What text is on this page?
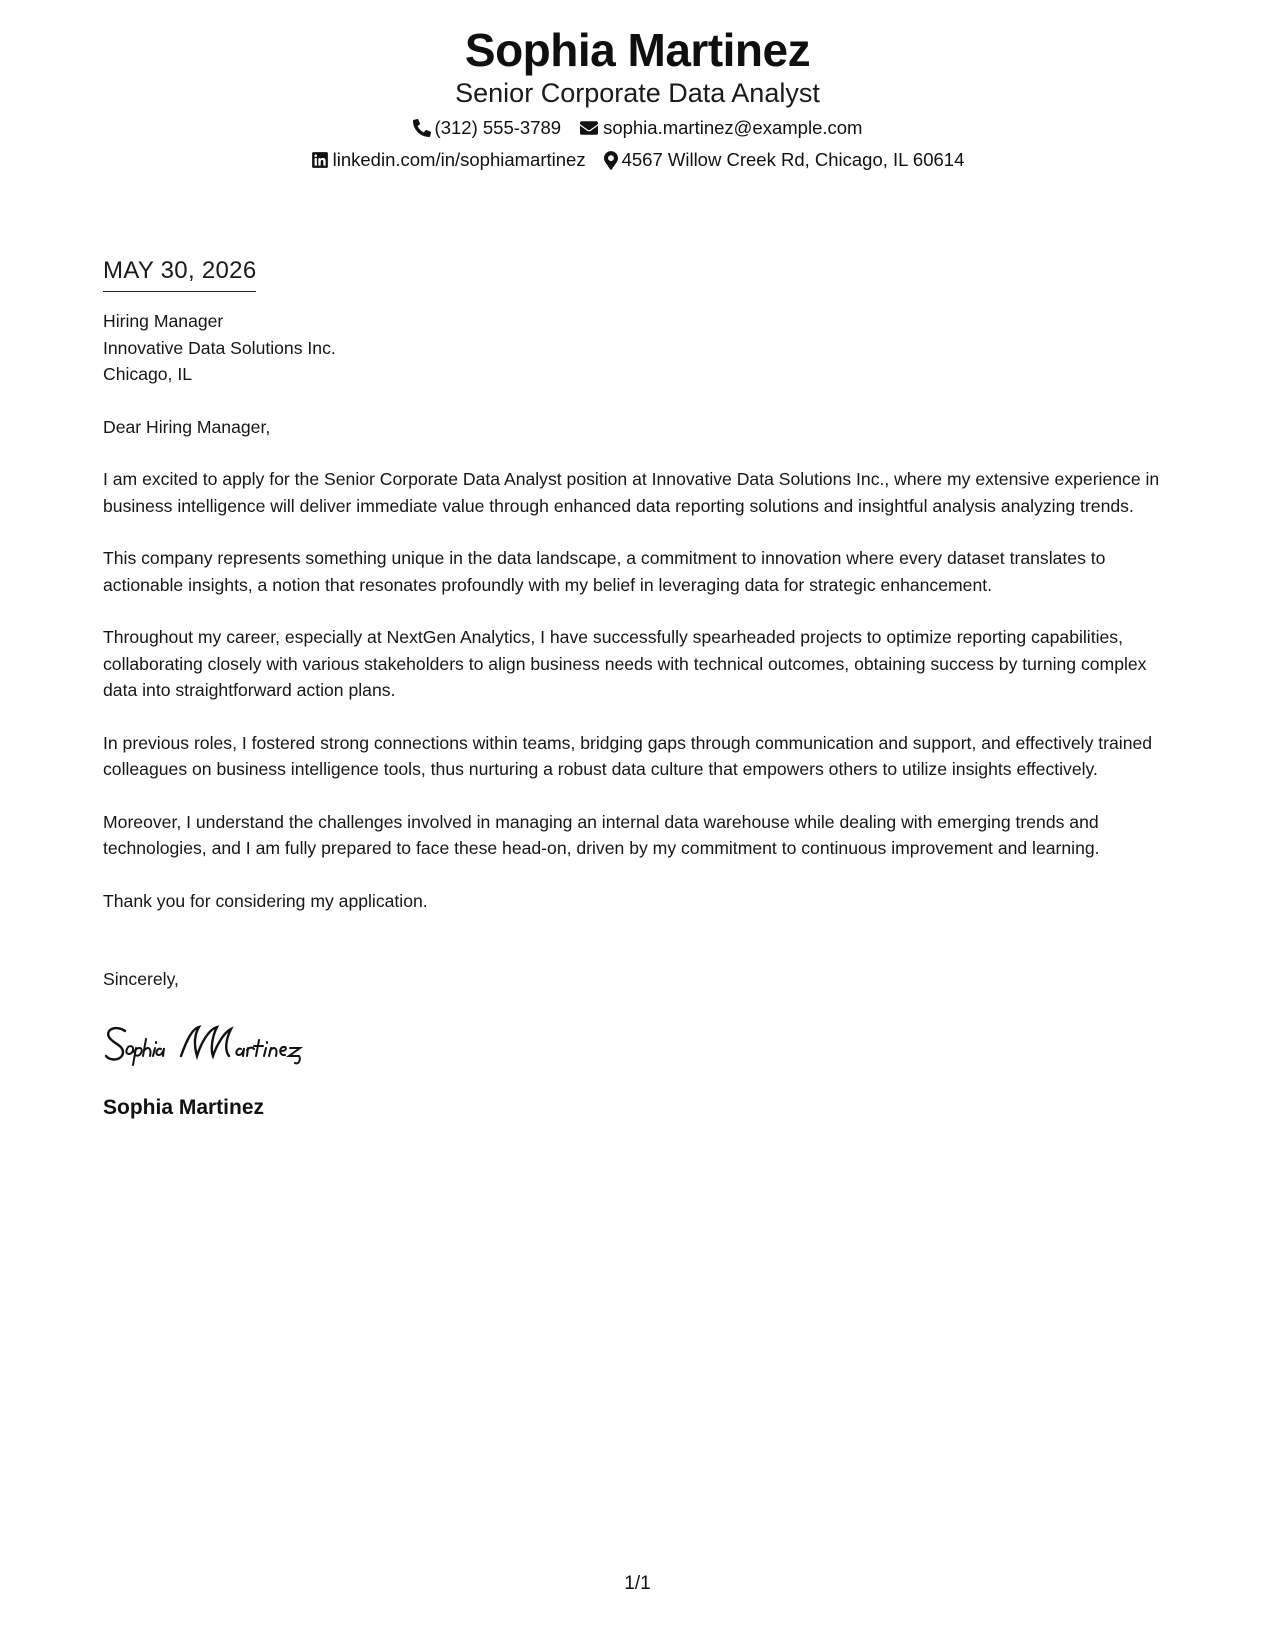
Sophia Martinez
Senior Corporate Data Analyst
(312) 555-3789 sophia.martinez@example.com
linkedin.com/in/sophiamartinez 4567 Willow Creek Rd, Chicago, IL 60614
MAY 30, 2026
Hiring Manager
Innovative Data Solutions Inc.
Chicago, IL
Dear Hiring Manager,

I am excited to apply for the Senior Corporate Data Analyst position at Innovative Data Solutions Inc., where my extensive experience in business intelligence will deliver immediate value through enhanced data reporting solutions and insightful analysis analyzing trends.

This company represents something unique in the data landscape, a commitment to innovation where every dataset translates to actionable insights, a notion that resonates profoundly with my belief in leveraging data for strategic enhancement.

Throughout my career, especially at NextGen Analytics, I have successfully spearheaded projects to optimize reporting capabilities, collaborating closely with various stakeholders to align business needs with technical outcomes, obtaining success by turning complex data into straightforward action plans.

In previous roles, I fostered strong connections within teams, bridging gaps through communication and support, and effectively trained colleagues on business intelligence tools, thus nurturing a robust data culture that empowers others to utilize insights effectively.

Moreover, I understand the challenges involved in managing an internal data warehouse while dealing with emerging trends and technologies, and I am fully prepared to face these head-on, driven by my commitment to continuous improvement and learning.

Thank you for considering my application.

Sincerely,
Sophia Martinez
1/1
